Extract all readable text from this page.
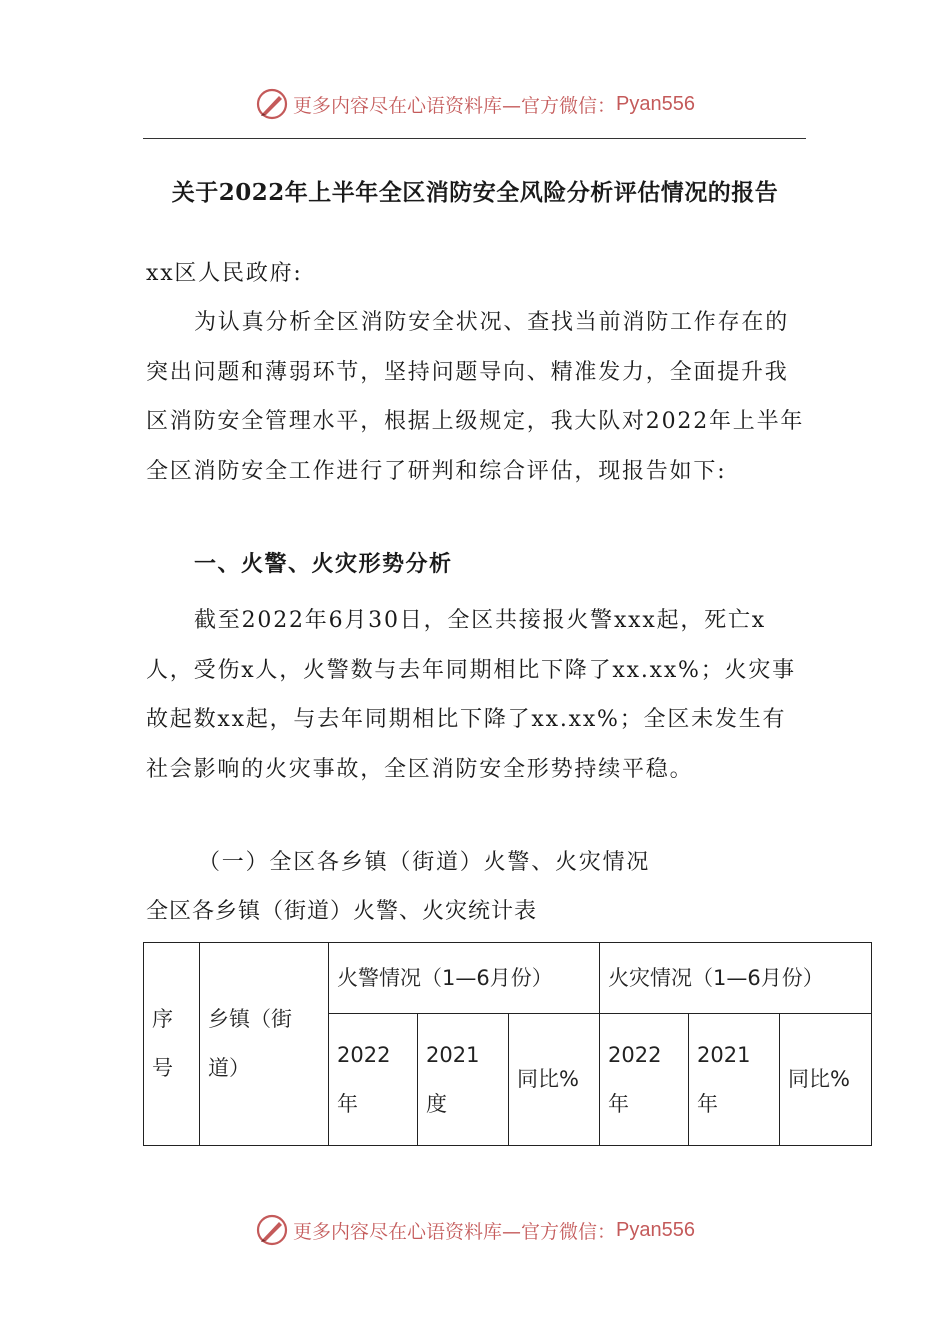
更多内容尽在心语资料库—官方微信： Pyan556
关于2022年上半年全区消防安全风险分析评估情况的报告
xx区人民政府:
为认真分析全区消防安全状况、查找当前消防工作存在的突出问题和薄弱环节，坚持问题导向、精准发力，全面提升我区消防安全管理水平，根据上级规定，我大队对2022年上半年全区消防安全工作进行了研判和综合评估，现报告如下:
一、火警、火灾形势分析
截至2022年6月30日，全区共接报火警xxx起，死亡x人，受伤x人，火警数与去年同期相比下降了xx.xx%；火灾事故起数xx起，与去年同期相比下降了xx.xx%；全区未发生有社会影响的火灾事故，全区消防安全形势持续平稳。
（一）全区各乡镇（街道）火警、火灾情况
全区各乡镇（街道）火警、火灾统计表
序号	乡镇（街道）	火警情况（1—6月份）			火灾情况（1—6月份）		
		2022年	2021度	同比%	2022年	2021年	同比%
更多内容尽在心语资料库—官方微信： Pyan556
